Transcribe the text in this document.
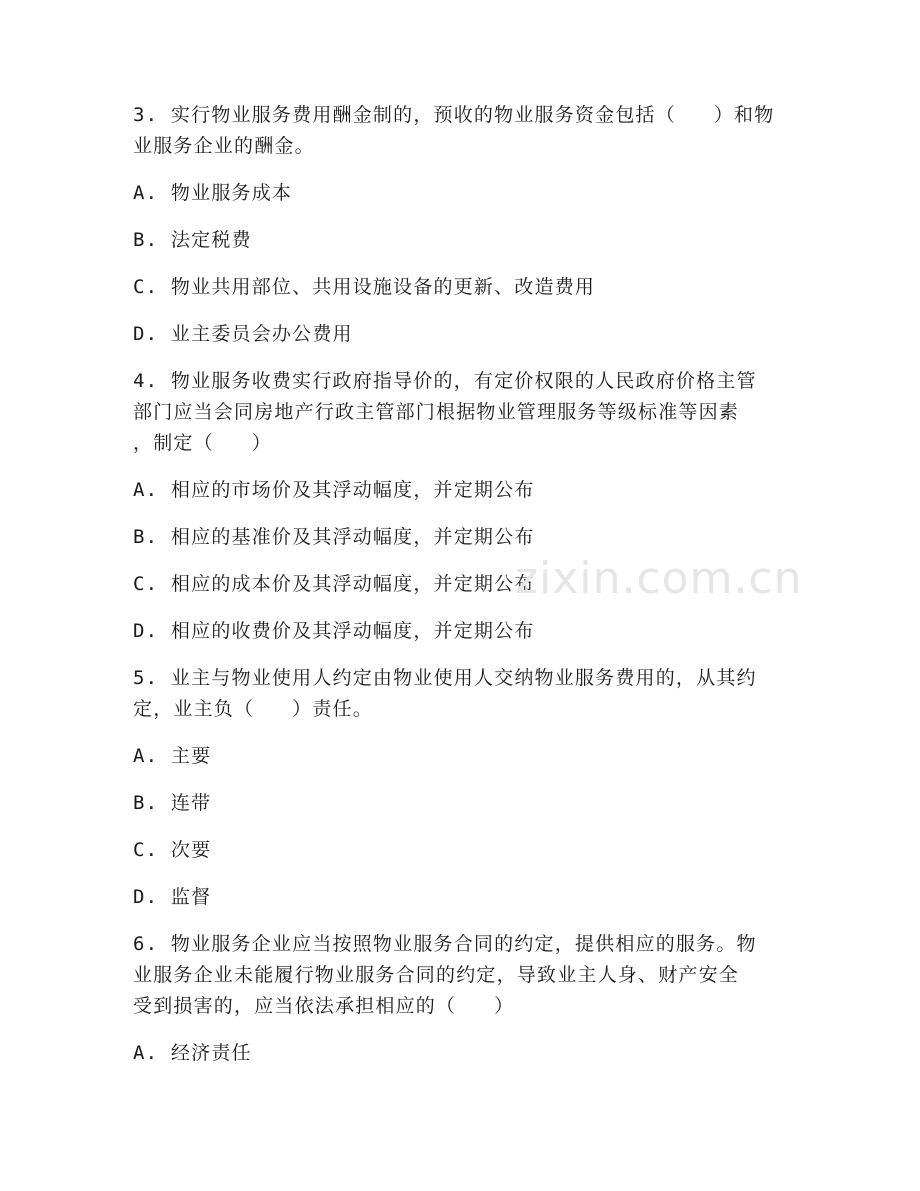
3. 实行物业服务费用酬金制的，预收的物业服务资金包括（   ）和物

业服务企业的酬金。

A. 物业服务成本

B. 法定税费

C. 物业共用部位、共用设施设备的更新、改造费用

D. 业主委员会办公费用

4. 物业服务收费实行政府指导价的，有定价权限的人民政府价格主管

部门应当会同房地产行政主管部门根据物业管理服务等级标准等因素

，制定（   ）

A. 相应的市场价及其浮动幅度，并定期公布

B. 相应的基准价及其浮动幅度，并定期公布

C. 相应的成本价及其浮动幅度，并定期公布

D. 相应的收费价及其浮动幅度，并定期公布

5. 业主与物业使用人约定由物业使用人交纳物业服务费用的，从其约

定，业主负（   ）责任。

A. 主要

B. 连带

C. 次要

D. 监督

6. 物业服务企业应当按照物业服务合同的约定，提供相应的服务。物

业服务企业未能履行物业服务合同的约定，导致业主人身、财产安全

受到损害的，应当依法承担相应的（   ）

A. 经济责任

zixin.com.cn
